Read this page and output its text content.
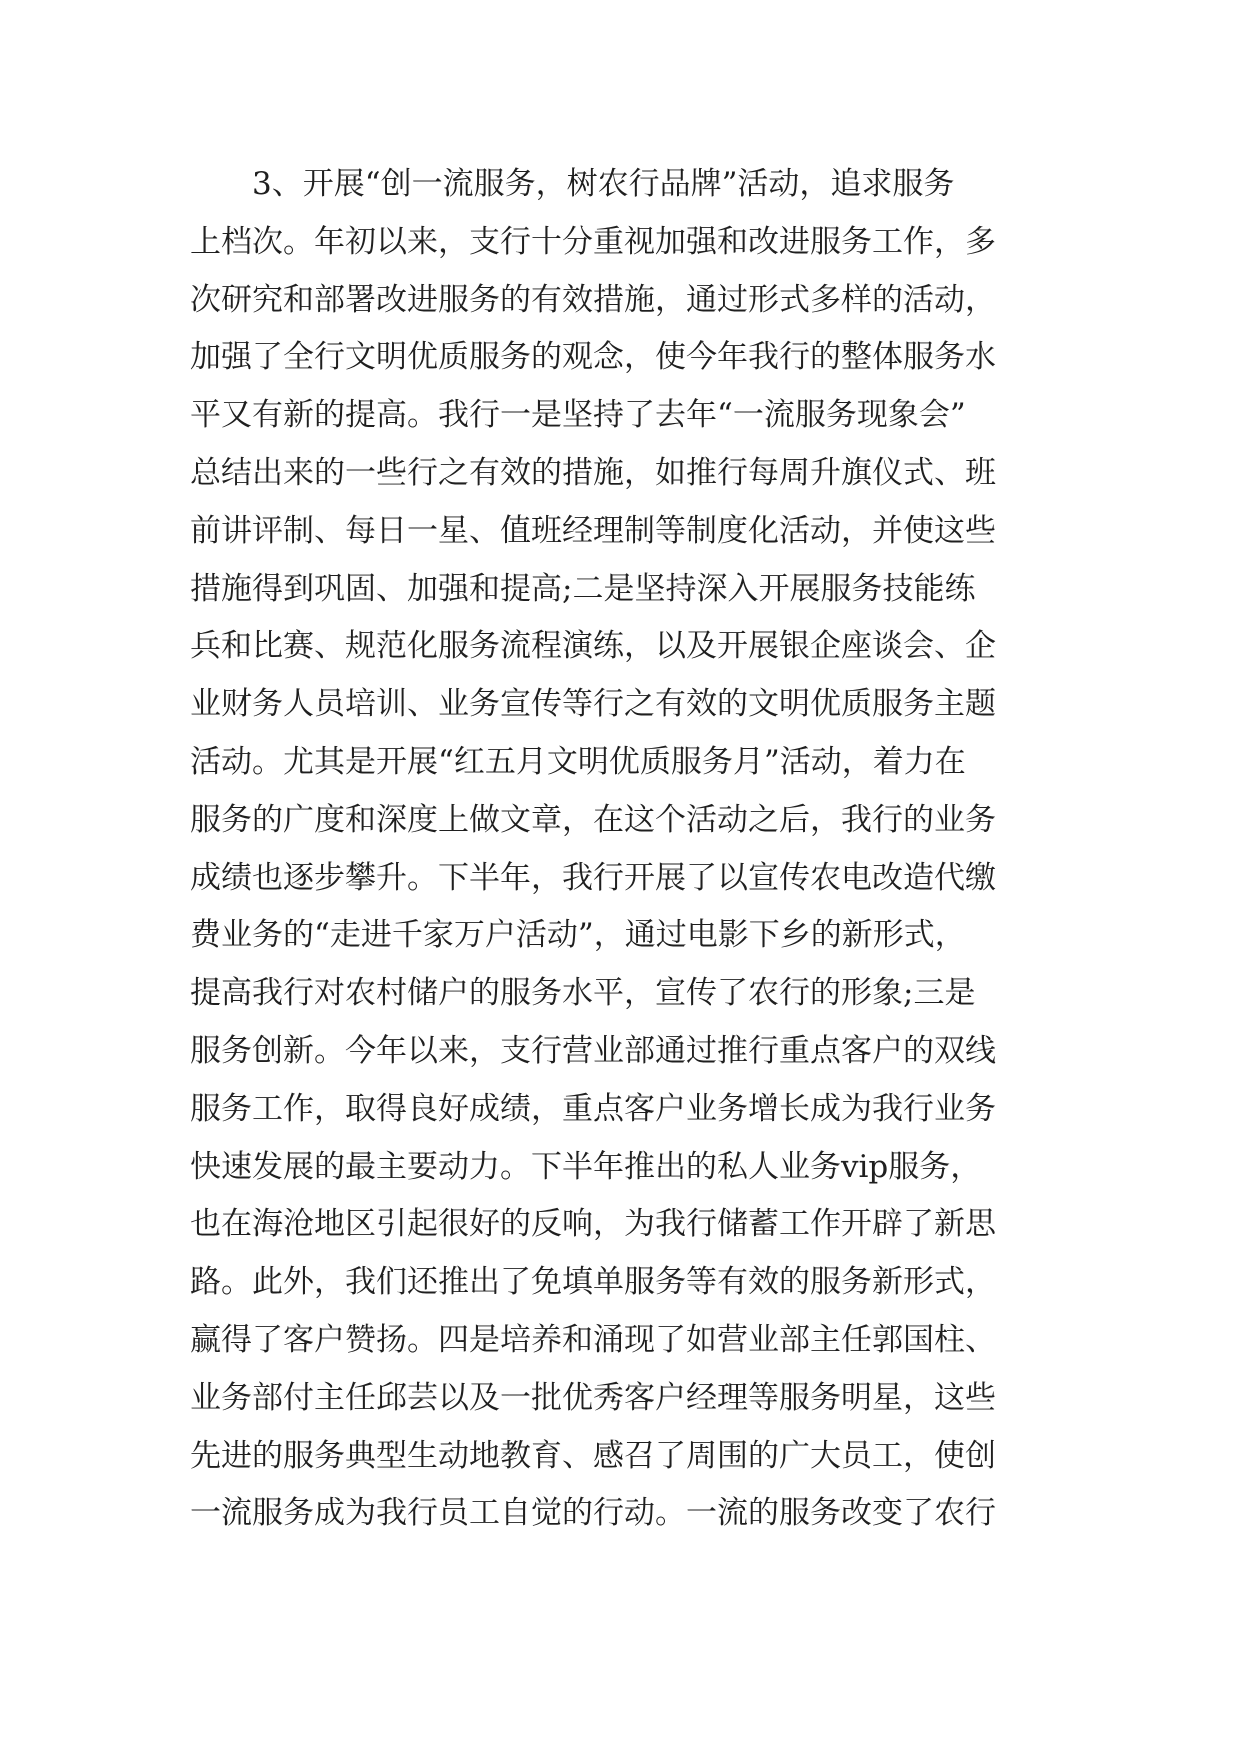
3、开展“创一流服务，树农行品牌”活动，追求服务
上档次。年初以来，支行十分重视加强和改进服务工作，多
次研究和部署改进服务的有效措施，通过形式多样的活动，
加强了全行文明优质服务的观念，使今年我行的整体服务水
平又有新的提高。我行一是坚持了去年“一流服务现象会”
总结出来的一些行之有效的措施，如推行每周升旗仪式、班
前讲评制、每日一星、值班经理制等制度化活动，并使这些
措施得到巩固、加强和提高;二是坚持深入开展服务技能练
兵和比赛、规范化服务流程演练，以及开展银企座谈会、企
业财务人员培训、业务宣传等行之有效的文明优质服务主题
活动。尤其是开展“红五月文明优质服务月”活动，着力在
服务的广度和深度上做文章，在这个活动之后，我行的业务
成绩也逐步攀升。下半年，我行开展了以宣传农电改造代缴
费业务的“走进千家万户活动”，通过电影下乡的新形式，
提高我行对农村储户的服务水平，宣传了农行的形象;三是
服务创新。今年以来，支行营业部通过推行重点客户的双线
服务工作，取得良好成绩，重点客户业务增长成为我行业务
快速发展的最主要动力。下半年推出的私人业务vip服务，
也在海沧地区引起很好的反响，为我行储蓄工作开辟了新思
路。此外，我们还推出了免填单服务等有效的服务新形式，
赢得了客户赞扬。四是培养和涌现了如营业部主任郭国柱、
业务部付主任邱芸以及一批优秀客户经理等服务明星，这些
先进的服务典型生动地教育、感召了周围的广大员工，使创
一流服务成为我行员工自觉的行动。一流的服务改变了农行
